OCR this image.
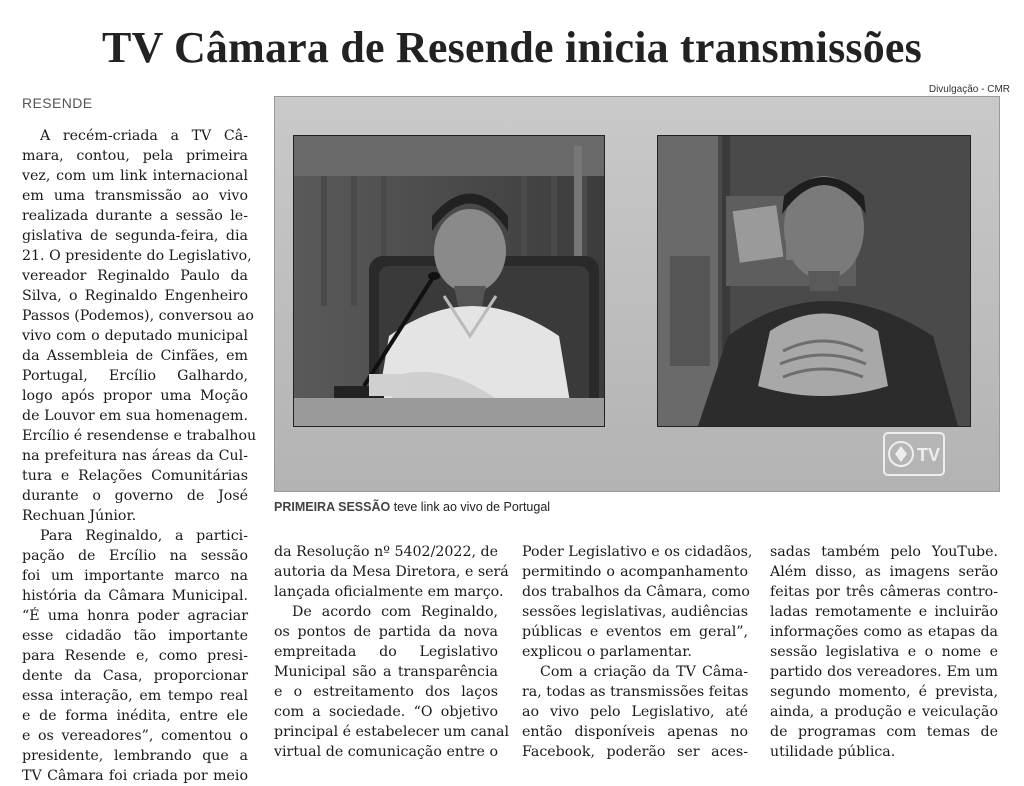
TV Câmara de Resende inicia transmissões
Divulgação - CMR
RESENDE
A recém-criada a TV Câ-
mara, contou, pela primeira
vez, com um link internacional
em uma transmissão ao vivo
realizada durante a sessão le-
gislativa de segunda-feira, dia
21. O presidente do Legislativo,
vereador Reginaldo Paulo da
Silva, o Reginaldo Engenheiro
Passos (Podemos), conversou ao
vivo com o deputado municipal
da Assembleia de Cinfães, em
Portugal, Ercílio Galhardo,
logo após propor uma Moção
de Louvor em sua homenagem.
Ercílio é resendense e trabalhou
na prefeitura nas áreas da Cul-
tura e Relações Comunitárias
durante o governo de José
Rechuan Júnior.
Para Reginaldo, a partici-
pação de Ercílio na sessão
foi um importante marco na
história da Câmara Municipal.
“É uma honra poder agraciar
esse cidadão tão importante
para Resende e, como presi-
dente da Casa, proporcionar
essa interação, em tempo real
e de forma inédita, entre ele
e os vereadores”, comentou o
presidente, lembrando que a
TV Câmara foi criada por meio
TV
PRIMEIRA SESSÃO teve link ao vivo de Portugal
da Resolução nº 5402/2022, de
autoria da Mesa Diretora, e será
lançada oficialmente em março.
De acordo com Reginaldo,
os pontos de partida da nova
empreitada do Legislativo
Municipal são a transparência
e o estreitamento dos laços
com a sociedade. “O objetivo
principal é estabelecer um canal
virtual de comunicação entre o
Poder Legislativo e os cidadãos,
permitindo o acompanhamento
dos trabalhos da Câmara, como
sessões legislativas, audiências
públicas e eventos em geral”,
explicou o parlamentar.
Com a criação da TV Câma-
ra, todas as transmissões feitas
ao vivo pelo Legislativo, até
então disponíveis apenas no
Facebook, poderão ser aces-
sadas também pelo YouTube.
Além disso, as imagens serão
feitas por três câmeras contro-
ladas remotamente e incluirão
informações como as etapas da
sessão legislativa e o nome e
partido dos vereadores. Em um
segundo momento, é prevista,
ainda, a produção e veiculação
de programas com temas de
utilidade pública.
